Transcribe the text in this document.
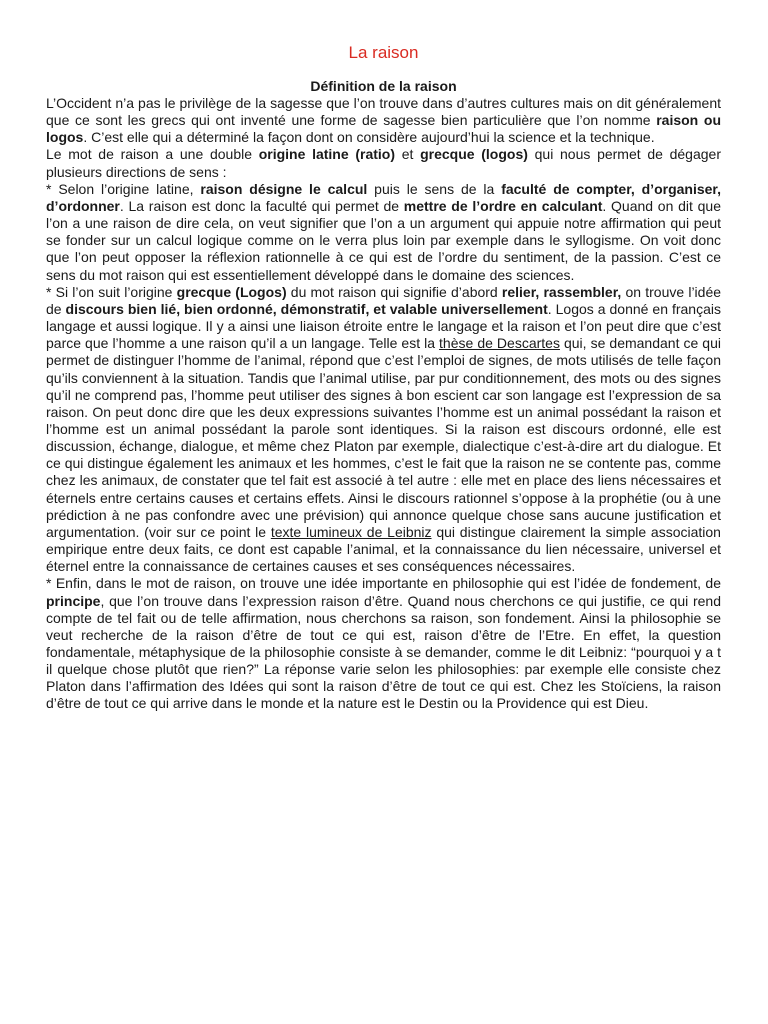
La raison
Définition de la raison

L’Occident n’a pas le privilège de la sagesse que l’on trouve dans d’autres cultures mais on dit généralement que ce sont les grecs qui ont inventé une forme de sagesse bien particulière que l’on nomme raison ou logos. C’est elle qui a déterminé la façon dont on considère aujourd’hui la science et la technique.

Le mot de raison a une double origine latine (ratio) et grecque (logos) qui nous permet de dégager plusieurs directions de sens :

* Selon l’origine latine, raison désigne le calcul puis le sens de la faculté de compter, d’organiser, d’ordonner. La raison est donc la faculté qui permet de mettre de l’ordre en calculant. Quand on dit que l’on a une raison de dire cela, on veut signifier que l’on a un argument qui appuie notre affirmation qui peut se fonder sur un calcul logique comme on le verra plus loin par exemple dans le syllogisme. On voit donc que l’on peut opposer la réflexion rationnelle à ce qui est de l’ordre du sentiment, de la passion. C’est ce sens du mot raison qui est essentiellement développé dans le domaine des sciences.

* Si l’on suit l’origine grecque (Logos) du mot raison qui signifie d’abord relier, rassembler, on trouve l’idée de discours bien lié, bien ordonné, démonstratif, et valable universellement. Logos a donné en français langage et aussi logique. Il y a ainsi une liaison étroite entre le langage et la raison et l’on peut dire que c’est parce que l’homme a une raison qu’il a un langage. Telle est la thèse de Descartes qui, se demandant ce qui permet de distinguer l’homme de l’animal, répond que c’est l’emploi de signes, de mots utilisés de telle façon qu’ils conviennent à la situation. Tandis que l’animal utilise, par pur conditionnement, des mots ou des signes qu’il ne comprend pas, l’homme peut utiliser des signes à bon escient car son langage est l’expression de sa raison. On peut donc dire que les deux expressions suivantes l’homme est un animal possédant la raison et l’homme est un animal possédant la parole sont identiques. Si la raison est discours ordonné, elle est discussion, échange, dialogue, et même chez Platon par exemple, dialectique c’est-à-dire art du dialogue. Et ce qui distingue également les animaux et les hommes, c’est le fait que la raison ne se contente pas, comme chez les animaux, de constater que tel fait est associé à tel autre : elle met en place des liens nécessaires et éternels entre certains causes et certains effets. Ainsi le discours rationnel s’oppose à la prophétie (ou à une prédiction à ne pas confondre avec une prévision) qui annonce quelque chose sans aucune justification et argumentation. (voir sur ce point le texte lumineux de Leibniz qui distingue clairement la simple association empirique entre deux faits, ce dont est capable l’animal, et la connaissance du lien nécessaire, universel et éternel entre la connaissance de certaines causes et ses conséquences nécessaires.

* Enfin, dans le mot de raison, on trouve une idée importante en philosophie qui est l’idée de fondement, de principe, que l’on trouve dans l’expression raison d’être. Quand nous cherchons ce qui justifie, ce qui rend compte de tel fait ou de telle affirmation, nous cherchons sa raison, son fondement. Ainsi la philosophie se veut recherche de la raison d’être de tout ce qui est, raison d’être de l’Etre. En effet, la question fondamentale, métaphysique de la philosophie consiste à se demander, comme le dit Leibniz: “pourquoi y a t il quelque chose plutôt que rien?” La réponse varie selon les philosophies: par exemple elle consiste chez Platon dans l’affirmation des Idées qui sont la raison d’être de tout ce qui est. Chez les Stoïciens, la raison d’être de tout ce qui arrive dans le monde et la nature est le Destin ou la Providence qui est Dieu.
